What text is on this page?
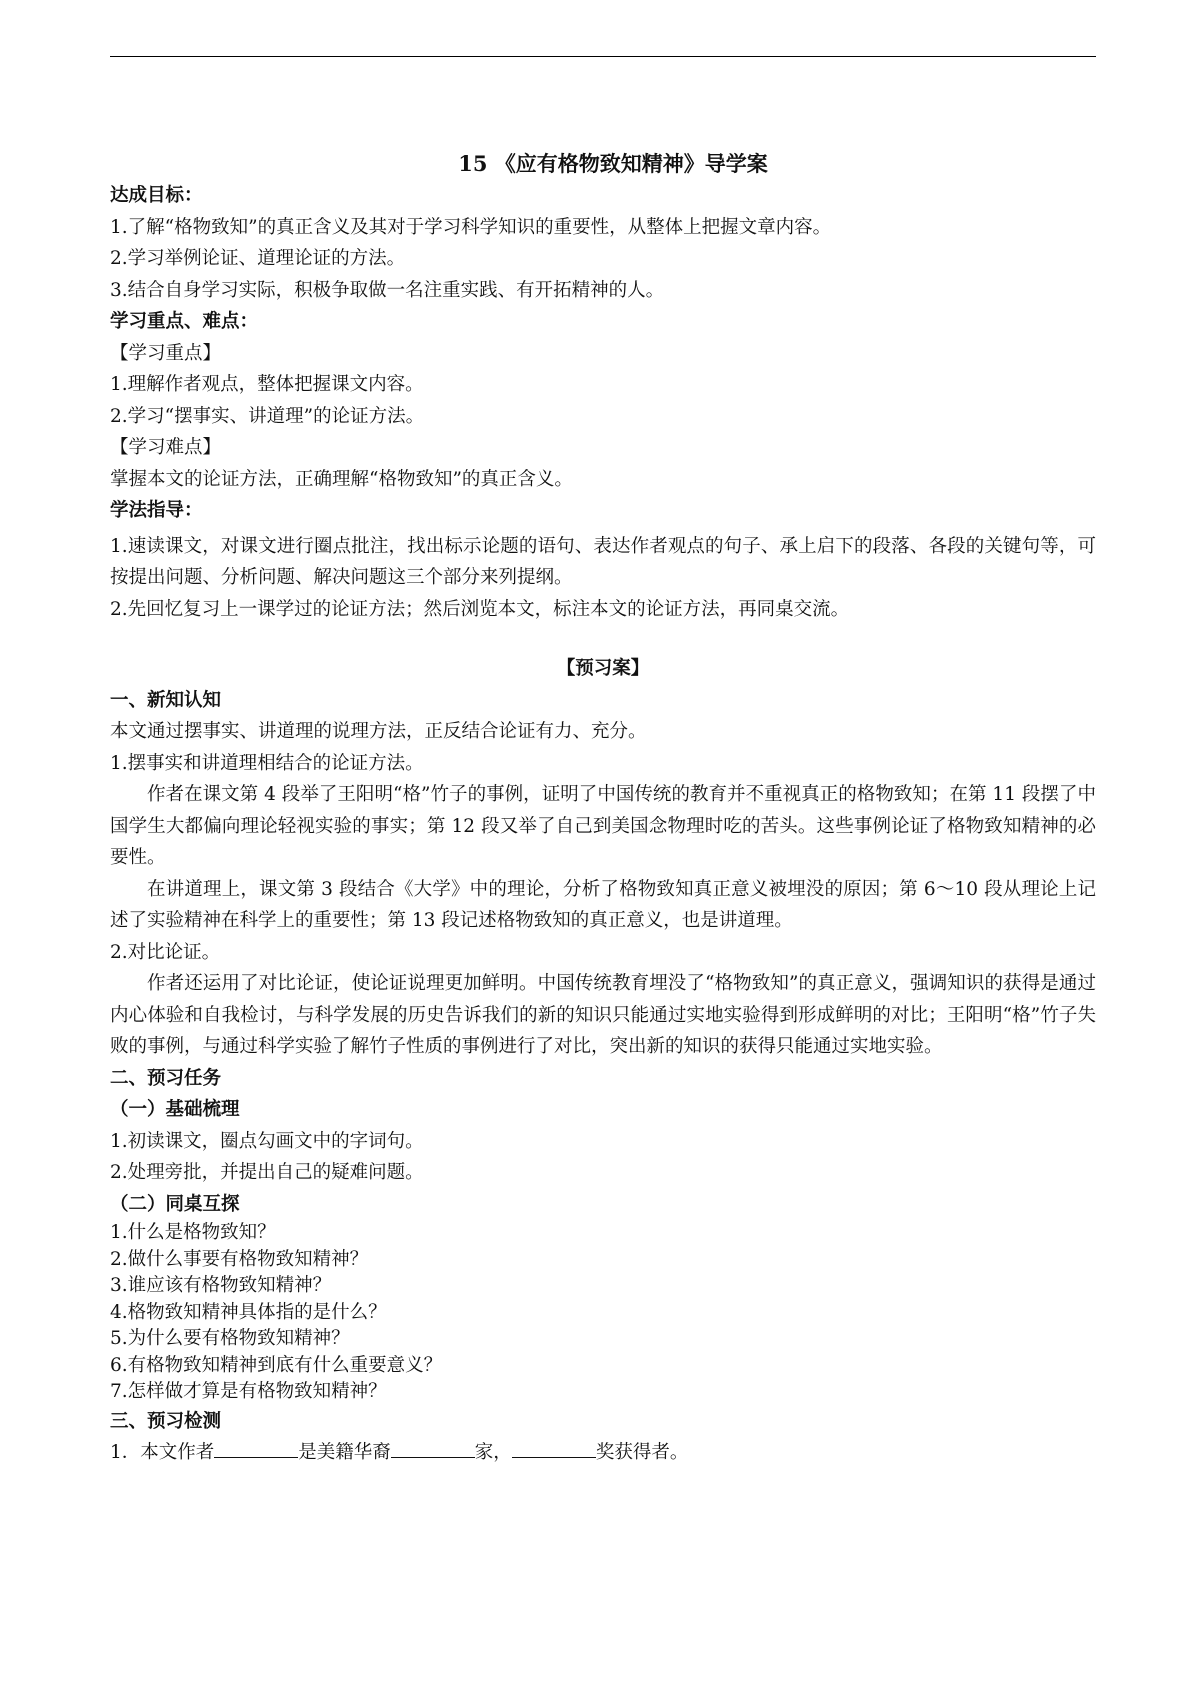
15 《应有格物致知精神》导学案

达成目标：

1.了解“格物致知”的真正含义及其对于学习科学知识的重要性，从整体上把握文章内容。

2.学习举例论证、道理论证的方法。

3.结合自身学习实际，积极争取做一名注重实践、有开拓精神的人。

学习重点、难点：

【学习重点】

1.理解作者观点，整体把握课文内容。

2.学习“摆事实、讲道理”的论证方法。

【学习难点】

掌握本文的论证方法，正确理解“格物致知”的真正含义。

学法指导：

1.速读课文，对课文进行圈点批注，找出标示论题的语句、表达作者观点的句子、承上启下的段落、各段的关键句等，可按提出问题、分析问题、解决问题这三个部分来列提纲。

2.先回忆复习上一课学过的论证方法；然后浏览本文，标注本文的论证方法，再同桌交流。

【预习案】

一、新知认知

本文通过摆事实、讲道理的说理方法，正反结合论证有力、充分。

1.摆事实和讲道理相结合的论证方法。

作者在课文第 4 段举了王阳明“格”竹子的事例，证明了中国传统的教育并不重视真正的格物致知；在第 11 段摆了中国学生大都偏向理论轻视实验的事实；第 12 段又举了自己到美国念物理时吃的苦头。这些事例论证了格物致知精神的必要性。

在讲道理上，课文第 3 段结合《大学》中的理论，分析了格物致知真正意义被埋没的原因；第 6～10 段从理论上记述了实验精神在科学上的重要性；第 13 段记述格物致知的真正意义，也是讲道理。

2.对比论证。

作者还运用了对比论证，使论证说理更加鲜明。中国传统教育埋没了“格物致知”的真正意义，强调知识的获得是通过内心体验和自我检讨，与科学发展的历史告诉我们的新的知识只能通过实地实验得到形成鲜明的对比；王阳明“格”竹子失败的事例，与通过科学实验了解竹子性质的事例进行了对比，突出新的知识的获得只能通过实地实验。

二、预习任务

（一）基础梳理

1.初读课文，圈点勾画文中的字词句。

2.处理旁批，并提出自己的疑难问题。

（二）同桌互探

1.什么是格物致知？

2.做什么事要有格物致知精神？

3.谁应该有格物致知精神？

4.格物致知精神具体指的是什么？

5.为什么要有格物致知精神？

6.有格物致知精神到底有什么重要意义？

7.怎样做才算是有格物致知精神？

三、预习检测

1．本文作者	是美籍华裔	家，	奖获得者。
